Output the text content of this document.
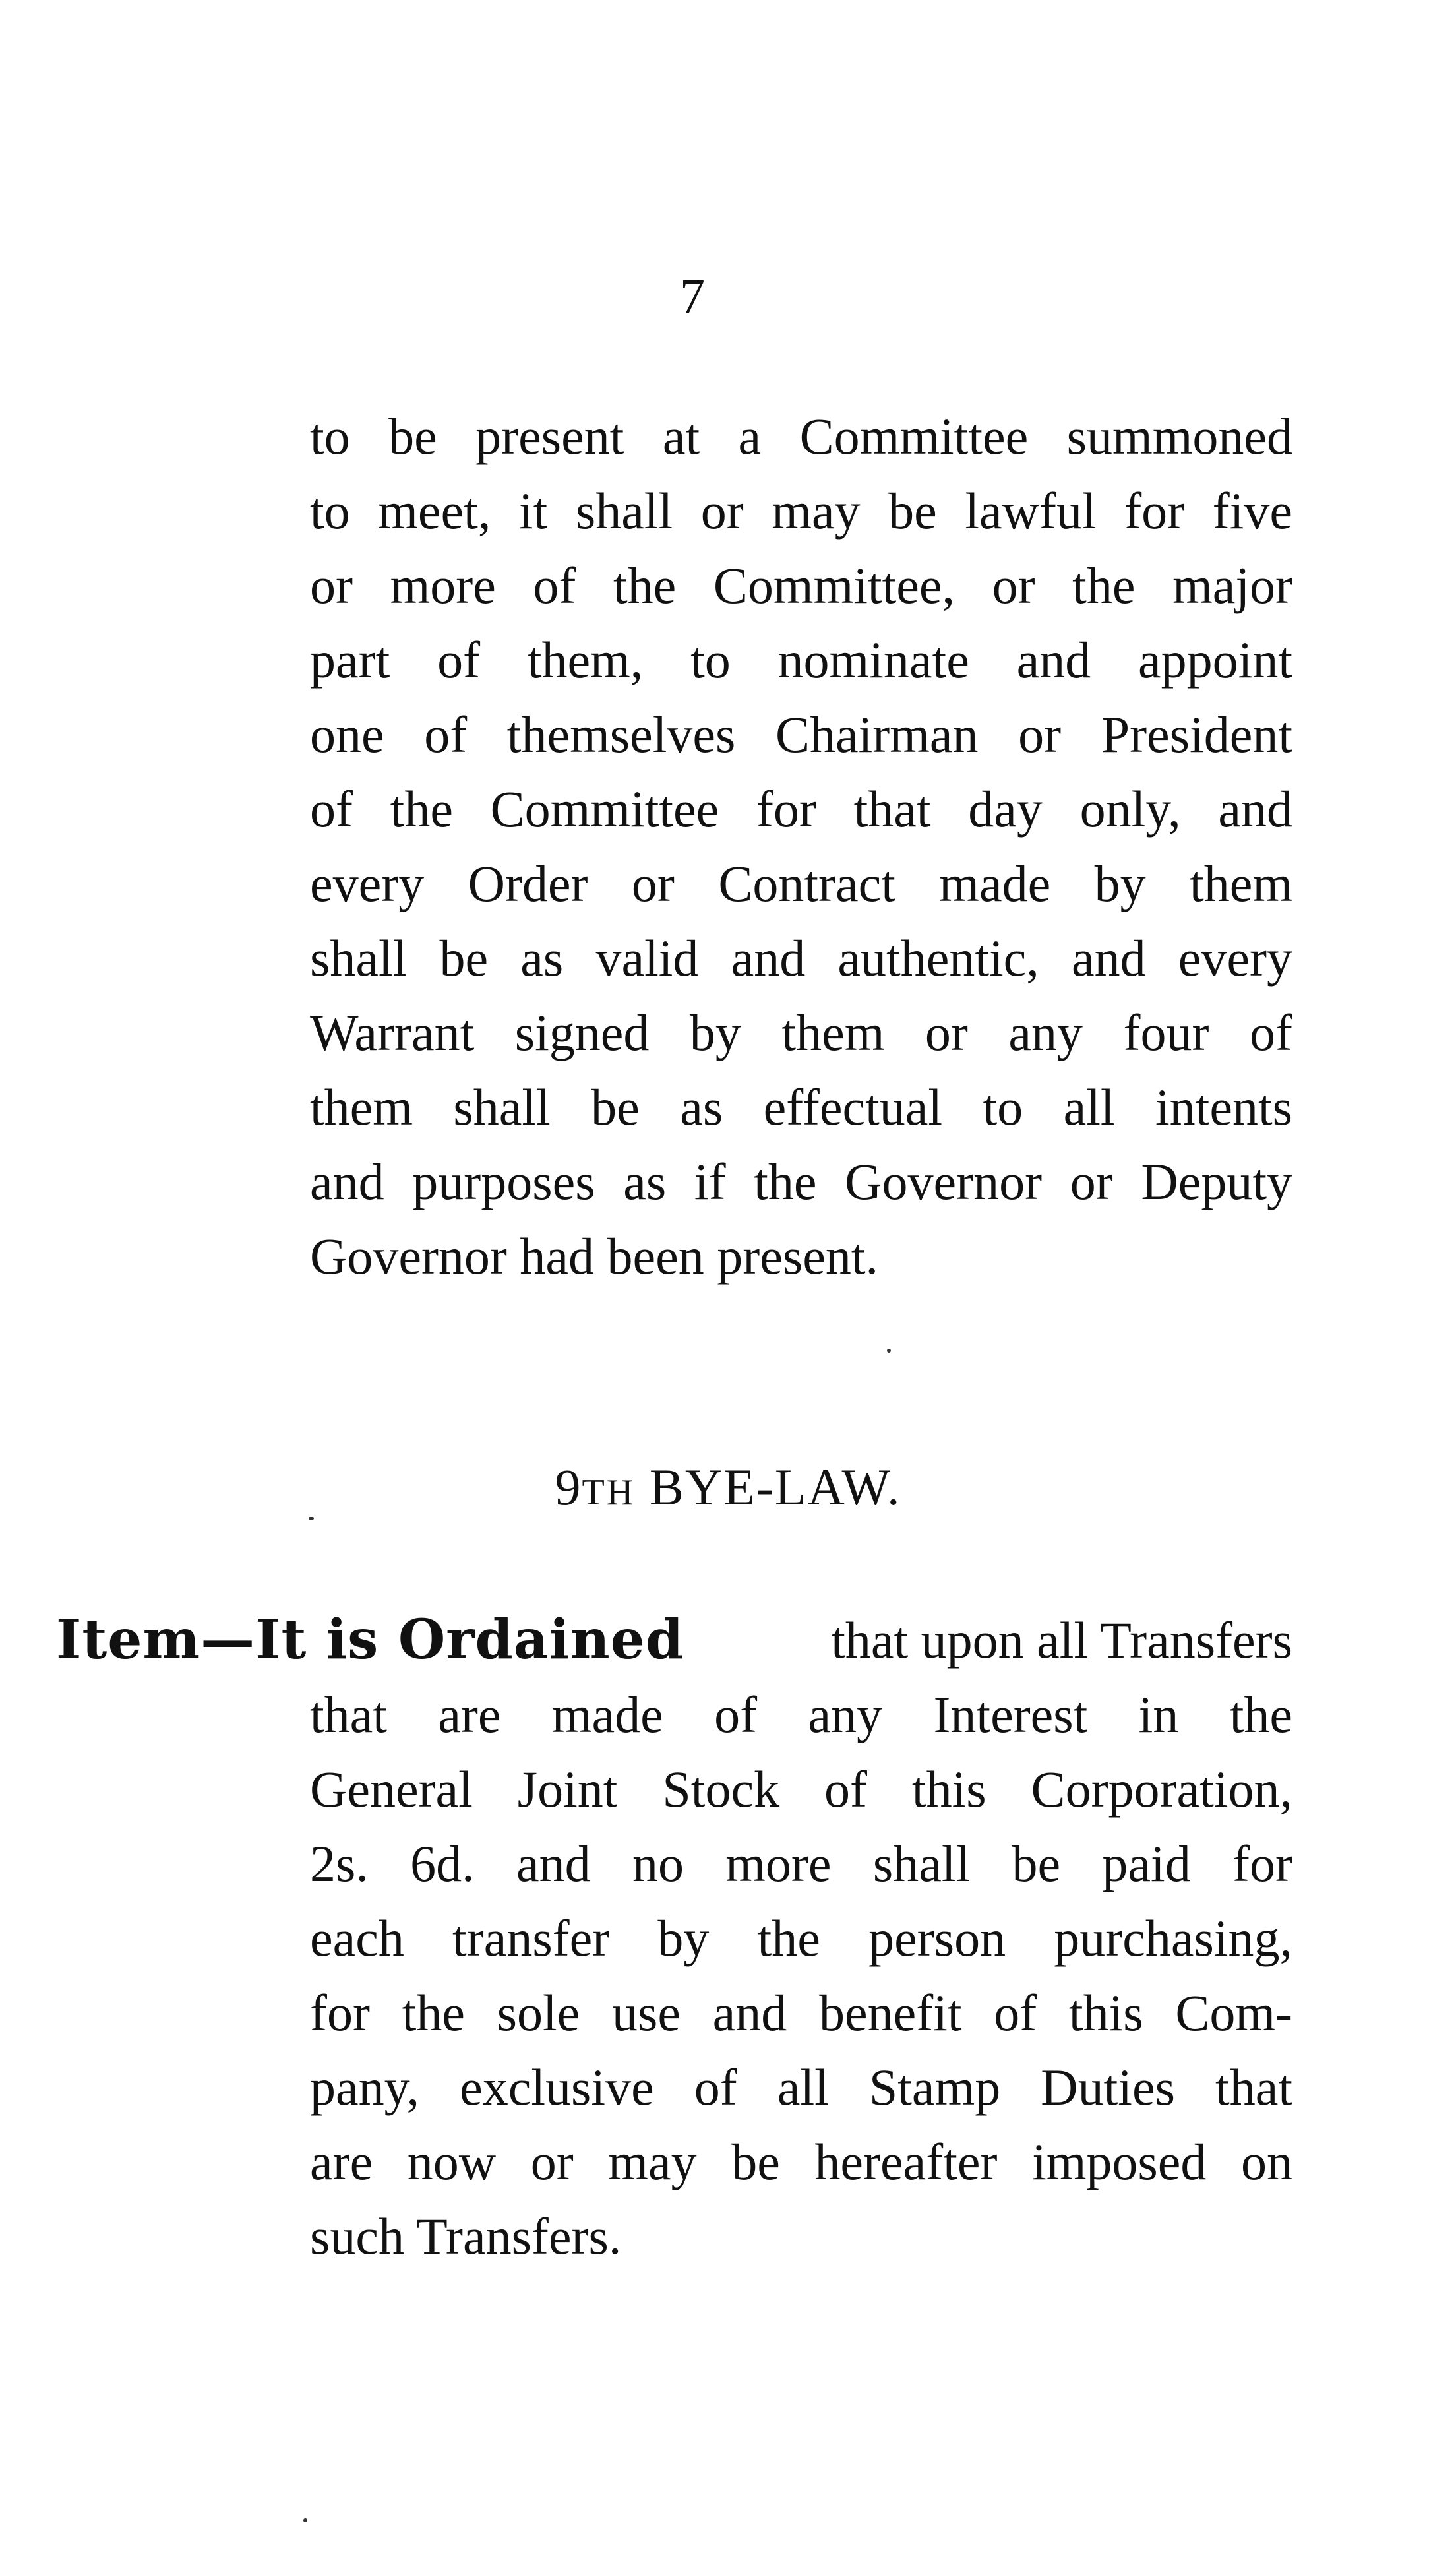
7
to be present at a Committee summoned
to meet, it shall or may be lawful for five
or more of the Committee, or the major
part of them, to nominate and appoint
one of themselves Chairman or President
of the Committee for that day only, and
every Order or Contract made by them
shall be as valid and authentic, and every
Warrant signed by them or any four of
them shall be as effectual to all intents
and purposes as if the Governor or Deputy
Governor had been present.
9TH BYE-LAW.
Item—It is Ordained	that upon all Transfers
that are made of any Interest in the
General Joint Stock of this Corporation,
2s. 6d. and no more shall be paid for
each transfer by the person purchasing,
for the sole use and benefit of this Com-
pany, exclusive of all Stamp Duties that
are now or may be hereafter imposed on
such Transfers.
